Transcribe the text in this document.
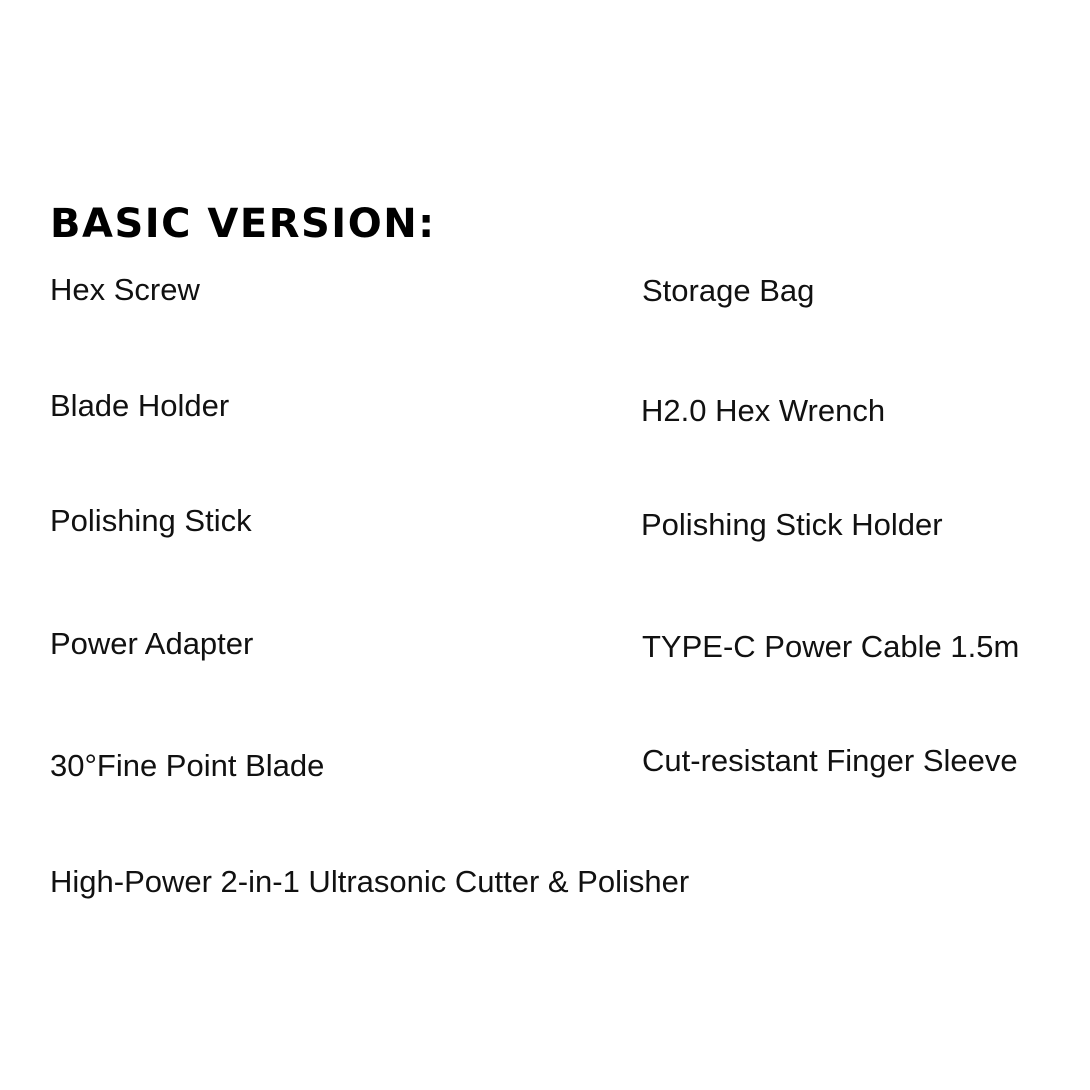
BASIC VERSION:
Hex Screw
Blade Holder
Polishing Stick
Power Adapter
30°Fine Point Blade
Storage Bag
H2.0 Hex Wrench
Polishing Stick Holder
TYPE-C Power Cable 1.5m
Cut-resistant Finger Sleeve
High-Power 2-in-1 Ultrasonic Cutter & Polisher
